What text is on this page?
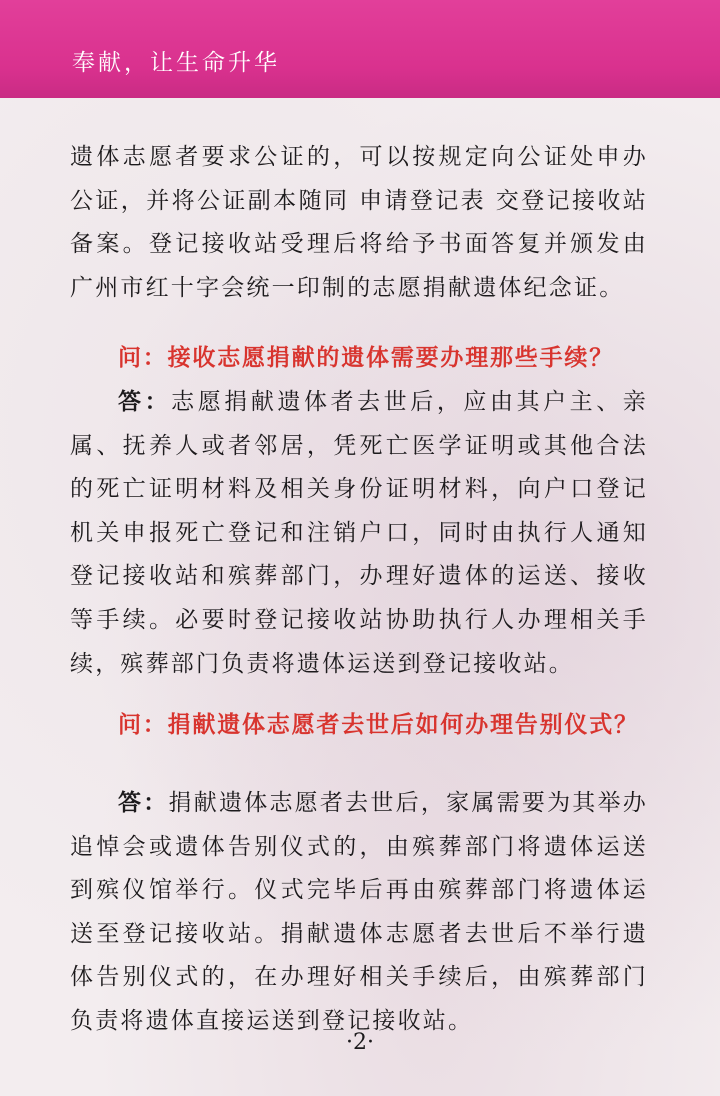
奉献，让生命升华

遗体志愿者要求公证的，可以按规定向公证处申办公证，并将公证副本随同 申请登记表 交登记接收站备案。登记接收站受理后将给予书面答复并颁发由广州市红十字会统一印制的志愿捐献遗体纪念证。

问：接收志愿捐献的遗体需要办理那些手续？

答：志愿捐献遗体者去世后，应由其户主、亲属、抚养人或者邻居，凭死亡医学证明或其他合法的死亡证明材料及相关身份证明材料，向户口登记机关申报死亡登记和注销户口，同时由执行人通知登记接收站和殡葬部门，办理好遗体的运送、接收等手续。必要时登记接收站协助执行人办理相关手续，殡葬部门负责将遗体运送到登记接收站。

问：捐献遗体志愿者去世后如何办理告别仪式？

答：捐献遗体志愿者去世后，家属需要为其举办追悼会或遗体告别仪式的，由殡葬部门将遗体运送到殡仪馆举行。仪式完毕后再由殡葬部门将遗体运送至登记接收站。捐献遗体志愿者去世后不举行遗体告别仪式的，在办理好相关手续后，由殡葬部门负责将遗体直接运送到登记接收站。

·2·
